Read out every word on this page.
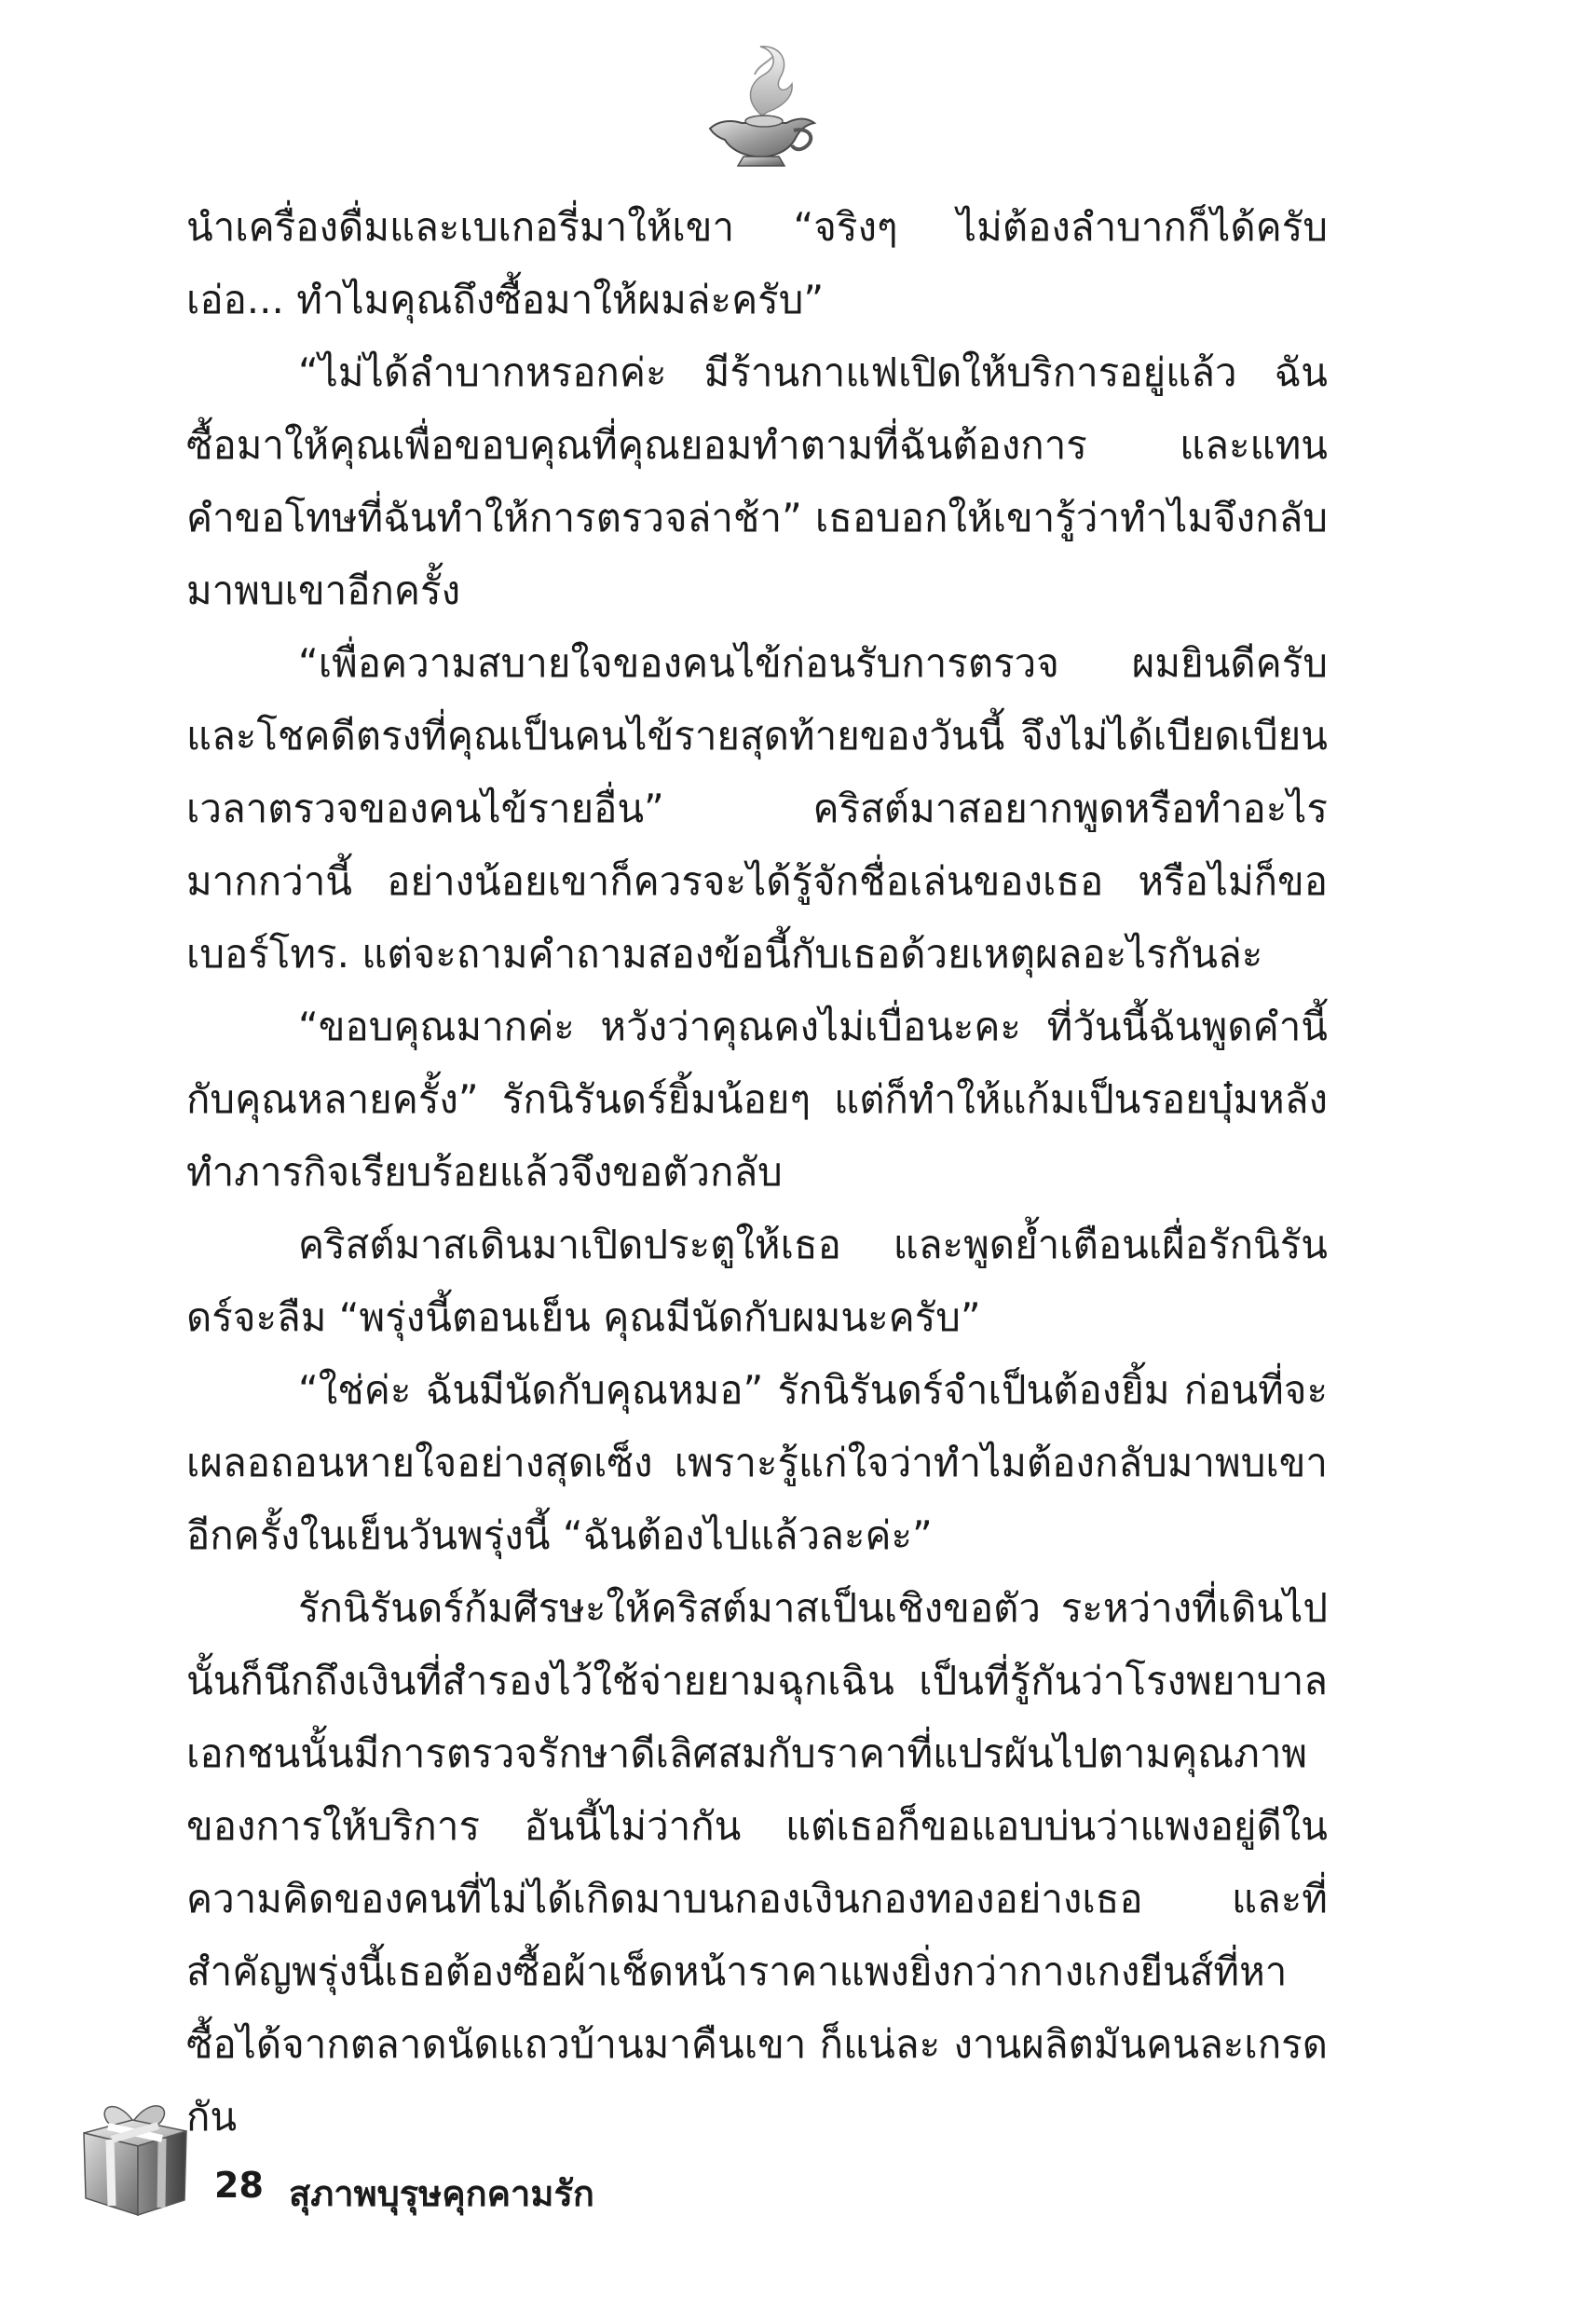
นำเครื่องดื่มและเบเกอรี่มาให้เขา “จริงๆ ไม่ต้องลำบากก็ได้ครับ เอ่อ... ทำไมคุณถึงซื้อมาให้ผมล่ะครับ”

“ไม่ได้ลำบากหรอกค่ะ มีร้านกาแฟเปิดให้บริการอยู่แล้ว ฉันซื้อมาให้คุณเพื่อขอบคุณที่คุณยอมทำตามที่ฉันต้องการ และแทนคำขอโทษที่ฉันทำให้การตรวจล่าช้า” เธอบอกให้เขารู้ว่าทำไมจึงกลับมาพบเขาอีกครั้ง

“เพื่อความสบายใจของคนไข้ก่อนรับการตรวจ ผมยินดีครับ และโชคดีตรงที่คุณเป็นคนไข้รายสุดท้ายของวันนี้ จึงไม่ได้เบียดเบียนเวลาตรวจของคนไข้รายอื่น” คริสต์มาสอยากพูดหรือทำอะไรมากกว่านี้ อย่างน้อยเขาก็ควรจะได้รู้จักชื่อเล่นของเธอ หรือไม่ก็ขอเบอร์โทร. แต่จะถามคำถามสองข้อนี้กับเธอด้วยเหตุผลอะไรกันล่ะ

“ขอบคุณมากค่ะ หวังว่าคุณคงไม่เบื่อนะคะ ที่วันนี้ฉันพูดคำนี้กับคุณหลายครั้ง” รักนิรันดร์ยิ้มน้อยๆ แต่ก็ทำให้แก้มเป็นรอยบุ๋มหลังทำภารกิจเรียบร้อยแล้วจึงขอตัวกลับ

คริสต์มาสเดินมาเปิดประตูให้เธอ และพูดย้ำเตือนเผื่อรักนิรันดร์จะลืม “พรุ่งนี้ตอนเย็น คุณมีนัดกับผมนะครับ”

“ใช่ค่ะ ฉันมีนัดกับคุณหมอ” รักนิรันดร์จำเป็นต้องยิ้ม ก่อนที่จะเผลอถอนหายใจอย่างสุดเซ็ง เพราะรู้แก่ใจว่าทำไมต้องกลับมาพบเขาอีกครั้งในเย็นวันพรุ่งนี้ “ฉันต้องไปแล้วละค่ะ”

รักนิรันดร์ก้มศีรษะให้คริสต์มาสเป็นเชิงขอตัว ระหว่างที่เดินไปนั้นก็นึกถึงเงินที่สำรองไว้ใช้จ่ายยามฉุกเฉิน เป็นที่รู้กันว่าโรงพยาบาลเอกชนนั้นมีการตรวจรักษาดีเลิศสมกับราคาที่แปรผันไปตามคุณภาพของการให้บริการ อันนี้ไม่ว่ากัน แต่เธอก็ขอแอบบ่นว่าแพงอยู่ดีในความคิดของคนที่ไม่ได้เกิดมาบนกองเงินกองทองอย่างเธอ และที่สำคัญพรุ่งนี้เธอต้องซื้อผ้าเช็ดหน้าราคาแพงยิ่งกว่ากางเกงยีนส์ที่หาซื้อได้จากตลาดนัดแถวบ้านมาคืนเขา ก็แน่ละ งานผลิตมันคนละเกรดกัน

28 สุภาพบุรุษคุกคามรัก
